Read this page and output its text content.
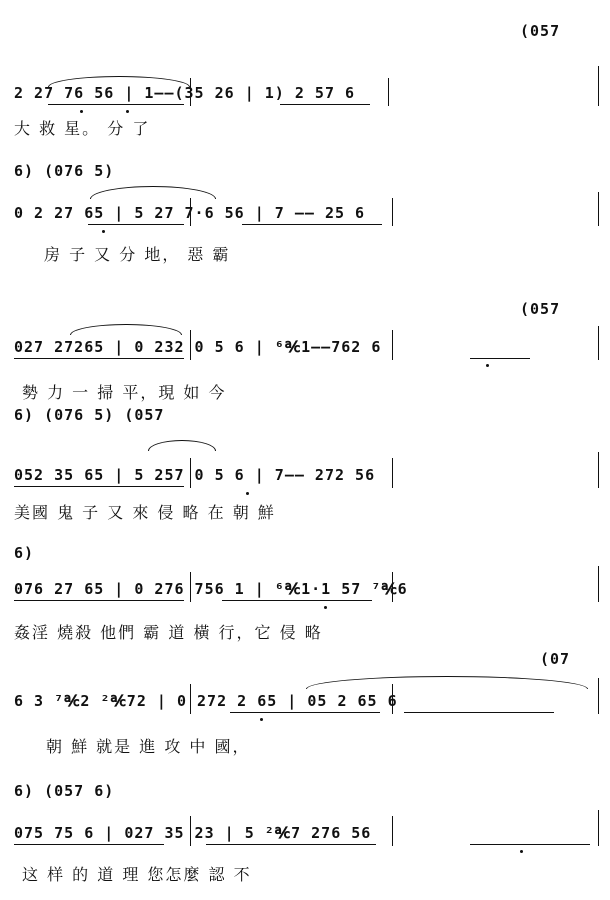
(057
2 27 76 56 | 1——(35 26 | 1) 2 57 6
大 救 星。 分 了
6) (076 5)
0 2 27 65 | 5 27 7·6 56 | 7 —— 25 6
房 子 又 分 地， 惡 霸
(057
027 27265 | 0 232 0 5 6 | ⁶℀1——762 6
勢 力 一 掃 平，現 如 今
6) (076 5) (057
052 35 65 | 5 257 0 5 6 | 7—— 272 56
美國 鬼 子 又 來 侵 略 在 朝 鮮
6)
076 27 65 | 0 276 756 1 | ⁶℀1·1 57 ⁷℀6
姦淫 燒殺 他們 霸 道 橫 行，它 侵 略
(07
6 3 ⁷℀2 ²℀72 | 0 272 2 65 | 05 2 65 6
朝 鮮 就是 進 攻 中 國，
6) (057 6)
075 75 6 | 027 35 23 | 5 ²℀7 276 56
这 样 的 道 理 您怎麼 認 不
